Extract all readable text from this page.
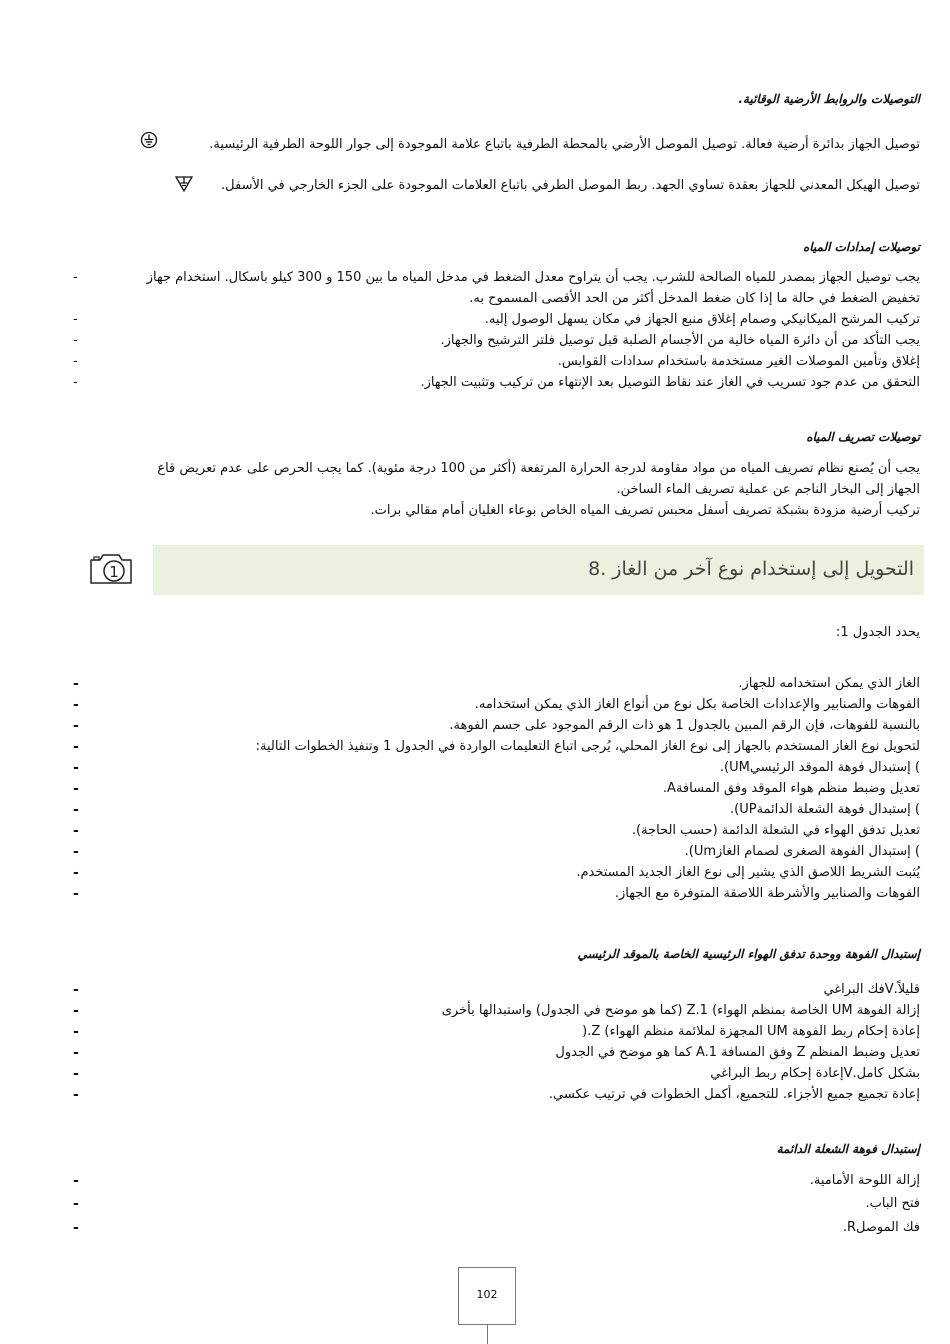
التوصيلات والروابط الأرضية الوقائية.
توصيل الجهاز بدائرة أرضية فعالة. توصيل الموصل الأرضي بالمحطة الطرفية باتباع علامة الموجودة إلى جوار اللوحة الطرفية الرئيسية.
توصيل الهيكل المعدني للجهاز بعقدة تساوي الجهد. ربط الموصل الطرفي باتباع العلامات الموجودة على الجزء الخارجي في الأسفل.
توصيلات إمدادات المياه
يجب توصيل الجهاز بمصدر للمياه الصالحة للشرب. يجب أن يتراوح معدل الضغط في مدخل المياه ما بين 150 و 300 كيلو باسكال. استخدام جهاز
-
تخفيض الضغط في حالة ما إذا كان ضغط المدخل أكثر من الحد الأقصى المسموح به.
تركيب المرشح الميكانيكي وصمام إغلاق منبع الجهاز في مكان يسهل الوصول إليه.
-
يجب التأكد من أن دائرة المياه خالية من الأجسام الصلبة قبل توصيل فلتر الترشيح والجهاز.
-
إغلاق وتأمين الموصلات الغير مستخدمة باستخدام سدادات القوابس.
-
التحقق من عدم جود تسريب في الغاز عند نقاط التوصيل بعد الإنتهاء من تركيب وتثبيت الجهاز.
-
توصيلات تصريف المياه
يجب أن يُصنع نظام تصريف المياه من مواد مقاومة لدرجة الحرارة المرتفعة (أكثر من 100 درجة مئوية). كما يجب الحرص على عدم تعريض قاع
الجهاز إلى البخار الناجم عن عملية تصريف الماء الساخن.
تركيب أرضية مزودة بشبكة تصريف أسفل محبس تصريف المياه الخاص بوعاء الغليان أمام مقالي برات.
التحويل إلى إستخدام نوع آخر من الغاز .8
1
يحدد الجدول 1:
الغاز الذي يمكن استخدامه للجهاز.
-
الفوهات والصنابير والإعدادات الخاصة بكل نوع من أنواع الغاز الذي يمكن استخدامه.
-
بالنسبة للفوهات، فإن الرقم المبين بالجدول 1 هو ذات الرقم الموجود على جسم الفوهة.
-
لتحويل نوع الغاز المستخدم بالجهاز إلى نوع الغاز المحلي، يُرجى اتباع التعليمات الواردة في الجدول 1 وتنفيذ الخطوات التالية:
-
.(UMإستبدال فوهة الموقد الرئيسي (
-
.Aتعديل وضبط منظم هواء الموقد وفق المسافة
-
.(UPإستبدال فوهة الشعلة الدائمة (
-
تعديل تدفق الهواء في الشعلة الدائمة (حسب الحاجة).
-
.(Umإستبدال الفوهة الصغرى لصمام الغاز (
-
يُثبت الشريط اللاصق الذي يشير إلى نوع الغاز الجديد المستخدم.
-
الفوهات والصنابير والأشرطة اللاصقة المتوفرة مع الجهاز.
-
إستبدال الفوهة ووحدة تدفق الهواء الرئيسية الخاصة بالموقد الرئيسي
قليلاً.Vفك البراغي
-
إزالة الفوهة UM الخاصة بمنظم الهواء) Z.1 (كما هو موضح في الجدول) واستبدالها بأخرى
-
إعادة إحكام ربط الفوهة UM المجهزة لملائمة منظم الهواء) Z.(
-
تعديل وضبط المنظم Z وفق المسافة A.1 كما هو موضح في الجدول
-
بشكل كامل.Vإعادة إحكام ربط البراغي
-
إعادة تجميع جميع الأجزاء. للتجميع، أكمل الخطوات في ترتيب عكسي.
-
إستبدال فوهة الشعلة الدائمة
إزالة اللوحة الأمامية.
-
فتح الباب.
-
.Rفك الموصل
-
102
